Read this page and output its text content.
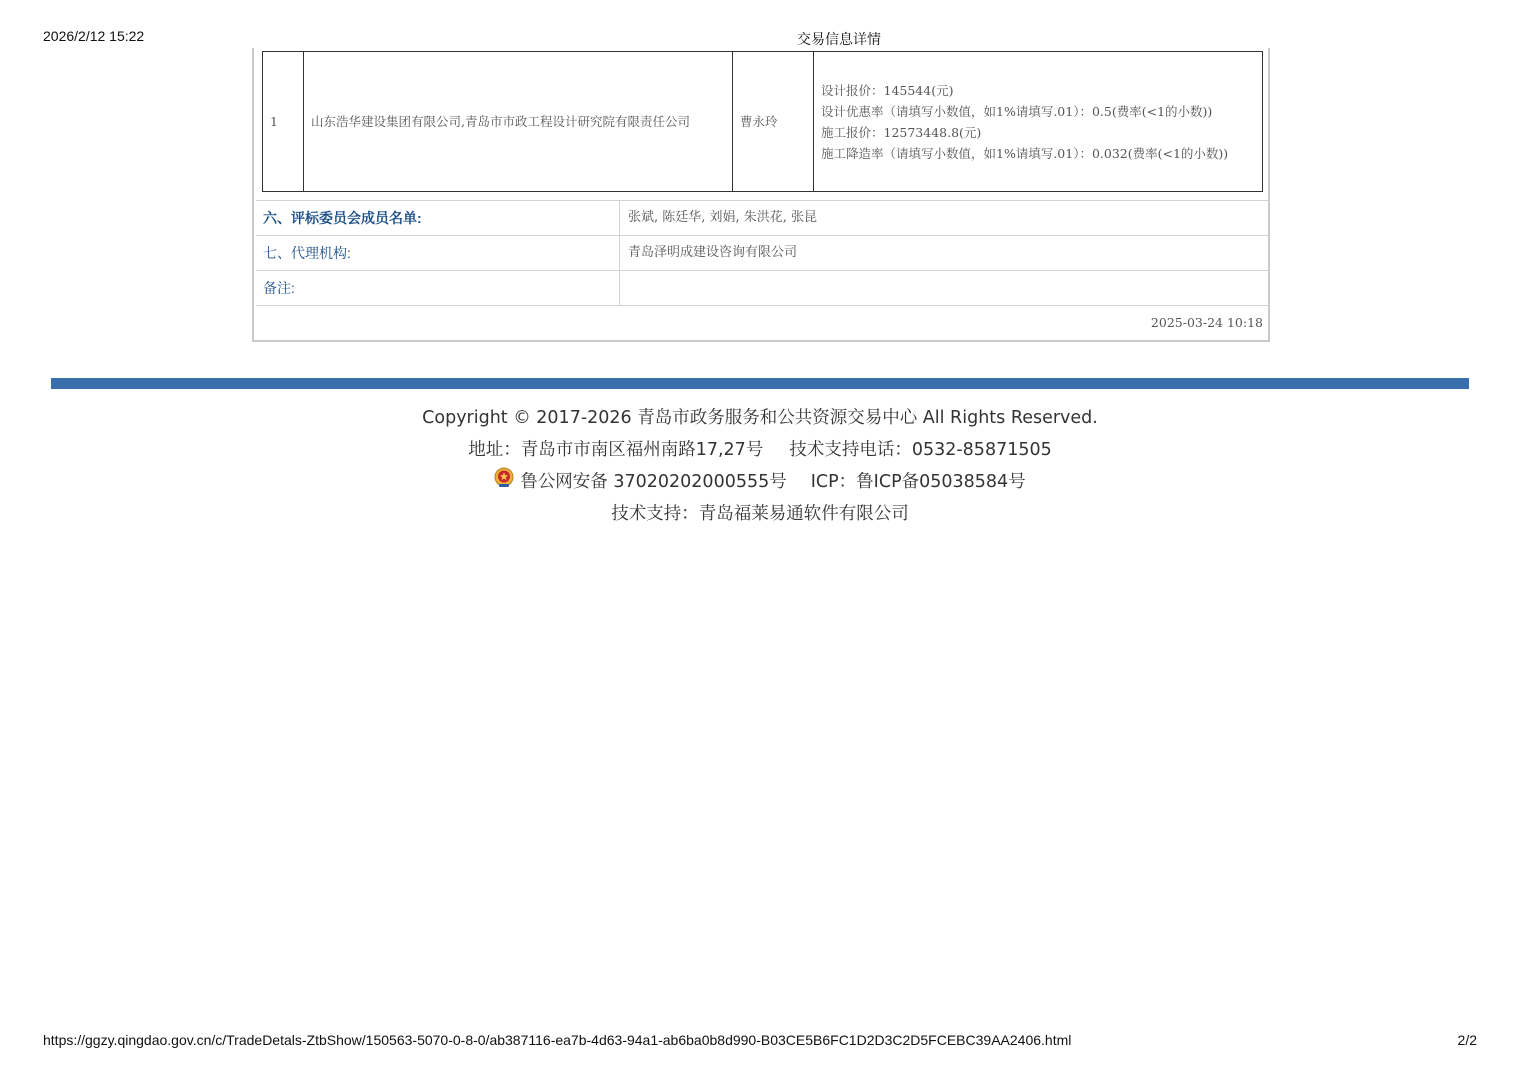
2026/2/12 15:22	交易信息详情
1	山东浩华建设集团有限公司,青岛市市政工程设计研究院有限责任公司	曹永玲	
设计报价：145544(元)
设计优惠率（请填写小数值，如1%请填写.01）：0.5(费率(<1的小数))
施工报价：12573448.8(元)
施工降造率（请填写小数值，如1%请填写.01）：0.032(费率(<1的小数))
六、评标委员会成员名单:	张斌, 陈廷华, 刘娟, 朱洪花, 张昆
七、代理机构:	青岛泽明成建设咨询有限公司
备注:
2025-03-24 10:18
Copyright © 2017-2026 青岛市政务服务和公共资源交易中心 All Rights Reserved.
地址：青岛市市南区福州南路17,27号 技术支持电话：0532-85871505
鲁公网安备 37020202000555号 ICP：鲁ICP备05038584号
技术支持：青岛福莱易通软件有限公司
https://ggzy.qingdao.gov.cn/c/TradeDetals-ZtbShow/150563-5070-0-8-0/ab387116-ea7b-4d63-94a1-ab6ba0b8d990-B03CE5B6FC1D2D3C2D5FCEBC39AA2406.html	2/2
